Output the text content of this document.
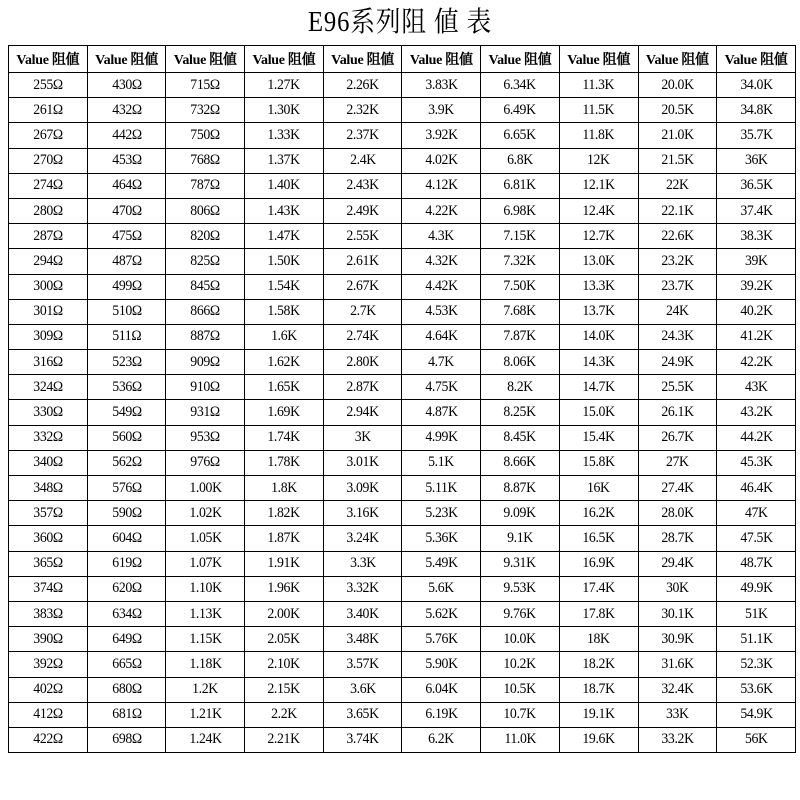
E96系列阻 値 表
Value 阻値	Value 阻値	Value 阻値	Value 阻値	Value 阻値	Value 阻値	Value 阻値	Value 阻値	Value 阻値	Value 阻値
255Ω	430Ω	715Ω	1.27K	2.26K	3.83K	6.34K	11.3K	20.0K	34.0K
261Ω	432Ω	732Ω	1.30K	2.32K	3.9K	6.49K	11.5K	20.5K	34.8K
267Ω	442Ω	750Ω	1.33K	2.37K	3.92K	6.65K	11.8K	21.0K	35.7K
270Ω	453Ω	768Ω	1.37K	2.4K	4.02K	6.8K	12K	21.5K	36K
274Ω	464Ω	787Ω	1.40K	2.43K	4.12K	6.81K	12.1K	22K	36.5K
280Ω	470Ω	806Ω	1.43K	2.49K	4.22K	6.98K	12.4K	22.1K	37.4K
287Ω	475Ω	820Ω	1.47K	2.55K	4.3K	7.15K	12.7K	22.6K	38.3K
294Ω	487Ω	825Ω	1.50K	2.61K	4.32K	7.32K	13.0K	23.2K	39K
300Ω	499Ω	845Ω	1.54K	2.67K	4.42K	7.50K	13.3K	23.7K	39.2K
301Ω	510Ω	866Ω	1.58K	2.7K	4.53K	7.68K	13.7K	24K	40.2K
309Ω	511Ω	887Ω	1.6K	2.74K	4.64K	7.87K	14.0K	24.3K	41.2K
316Ω	523Ω	909Ω	1.62K	2.80K	4.7K	8.06K	14.3K	24.9K	42.2K
324Ω	536Ω	910Ω	1.65K	2.87K	4.75K	8.2K	14.7K	25.5K	43K
330Ω	549Ω	931Ω	1.69K	2.94K	4.87K	8.25K	15.0K	26.1K	43.2K
332Ω	560Ω	953Ω	1.74K	3K	4.99K	8.45K	15.4K	26.7K	44.2K
340Ω	562Ω	976Ω	1.78K	3.01K	5.1K	8.66K	15.8K	27K	45.3K
348Ω	576Ω	1.00K	1.8K	3.09K	5.11K	8.87K	16K	27.4K	46.4K
357Ω	590Ω	1.02K	1.82K	3.16K	5.23K	9.09K	16.2K	28.0K	47K
360Ω	604Ω	1.05K	1.87K	3.24K	5.36K	9.1K	16.5K	28.7K	47.5K
365Ω	619Ω	1.07K	1.91K	3.3K	5.49K	9.31K	16.9K	29.4K	48.7K
374Ω	620Ω	1.10K	1.96K	3.32K	5.6K	9.53K	17.4K	30K	49.9K
383Ω	634Ω	1.13K	2.00K	3.40K	5.62K	9.76K	17.8K	30.1K	51K
390Ω	649Ω	1.15K	2.05K	3.48K	5.76K	10.0K	18K	30.9K	51.1K
392Ω	665Ω	1.18K	2.10K	3.57K	5.90K	10.2K	18.2K	31.6K	52.3K
402Ω	680Ω	1.2K	2.15K	3.6K	6.04K	10.5K	18.7K	32.4K	53.6K
412Ω	681Ω	1.21K	2.2K	3.65K	6.19K	10.7K	19.1K	33K	54.9K
422Ω	698Ω	1.24K	2.21K	3.74K	6.2K	11.0K	19.6K	33.2K	56K
